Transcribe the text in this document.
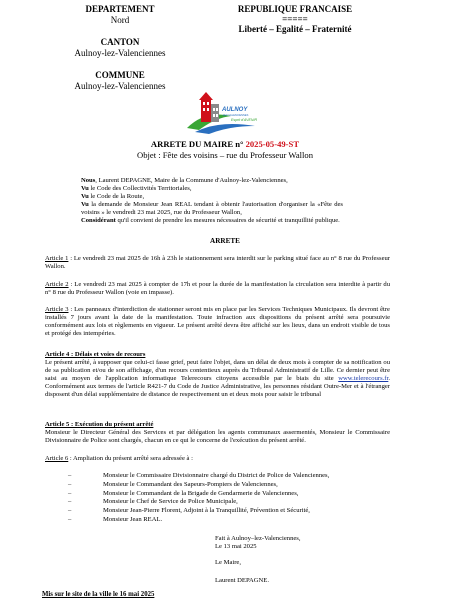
DEPARTEMENT
Nord
CANTON
Aulnoy-lez-Valenciennes
COMMUNE
Aulnoy-lez-Valenciennes
REPUBLIQUE FRANCAISE
=====
Liberté – Egalité – Fraternité
AULNOY
-LEZ-VALENCIENNES
Esprit d'AVENIR
ARRETE DU MAIRE n° 2025-05-49-ST
Objet : Fête des voisins – rue du Professeur Wallon
Nous, Laurent DEPAGNE, Maire de la Commune d'Aulnoy-lez-Valenciennes,
Vu le Code des Collectivités Territoriales,
Vu le Code de la Route,
Vu la demande de Monsieur Jean REAL tendant à obtenir l'autorisation d'organiser la «Fête des voisins » le vendredi 23 mai 2025, rue du Professeur Wallon,
Considérant qu'il convient de prendre les mesures nécessaires de sécurité et tranquillité publique.
ARRETE
Article 1 : Le vendredi 23 mai 2025 de 16h à 23h le stationnement sera interdit sur le parking situé face au n° 8 rue du Professeur Wallon.
Article 2 : Le vendredi 23 mai 2025 à compter de 17h et pour la durée de la manifestation la circulation sera interdite à partir du n° 8 rue du Professeur Wallon (voie en impasse).
Article 3 : Les panneaux d'interdiction de stationner seront mis en place par les Services Techniques Municipaux. Ils devront être installés 7 jours avant la date de la manifestation. Toute infraction aux dispositions du présent arrêté sera poursuivie conformément aux lois et règlements en vigueur. Le présent arrêté devra être affiché sur les lieux, dans un endroit visible de tous et protégé des intempéries.
Article 4 : Délais et voies de recours
Le présent arrêté, à supposer que celui-ci fasse grief, peut faire l'objet, dans un délai de deux mois à compter de sa notification ou de sa publication et/ou de son affichage, d'un recours contentieux auprès du Tribunal Administratif de Lille. Ce dernier peut être saisi au moyen de l'application informatique Telerecours citoyens accessible par le biais du site www.telerecours.fr. Conformément aux termes de l'article R421-7 du Code de Justice Administrative, les personnes résidant Outre-Mer et à l'étranger disposent d'un délai supplémentaire de distance de respectivement un et deux mois pour saisir le tribunal
Article 5 : Exécution du présent arrêté
Monsieur le Directeur Général des Services et par délégation les agents communaux assermentés, Monsieur le Commissaire Divisionnaire de Police sont chargés, chacun en ce qui le concerne de l'exécution du présent arrêté.
Article 6 : Ampliation du présent arrêté sera adressée à :
–	Monsieur le Commissaire Divisionnaire chargé du District de Police de Valenciennes,
–	Monsieur le Commandant des Sapeurs-Pompiers de Valenciennes,
–	Monsieur le Commandant de la Brigade de Gendarmerie de Valenciennes,
–	Monsieur le Chef de Service de Police Municipale,
–	Monsieur Jean-Pierre Florent, Adjoint à la Tranquillité, Prévention et Sécurité,
–	Monsieur Jean REAL.
Fait à Aulnoy–lez-Valenciennes,
Le 13 mai 2025
Le Maire,
Laurent DEPAGNE.
Mis sur le site de la ville le 16 mai 2025
